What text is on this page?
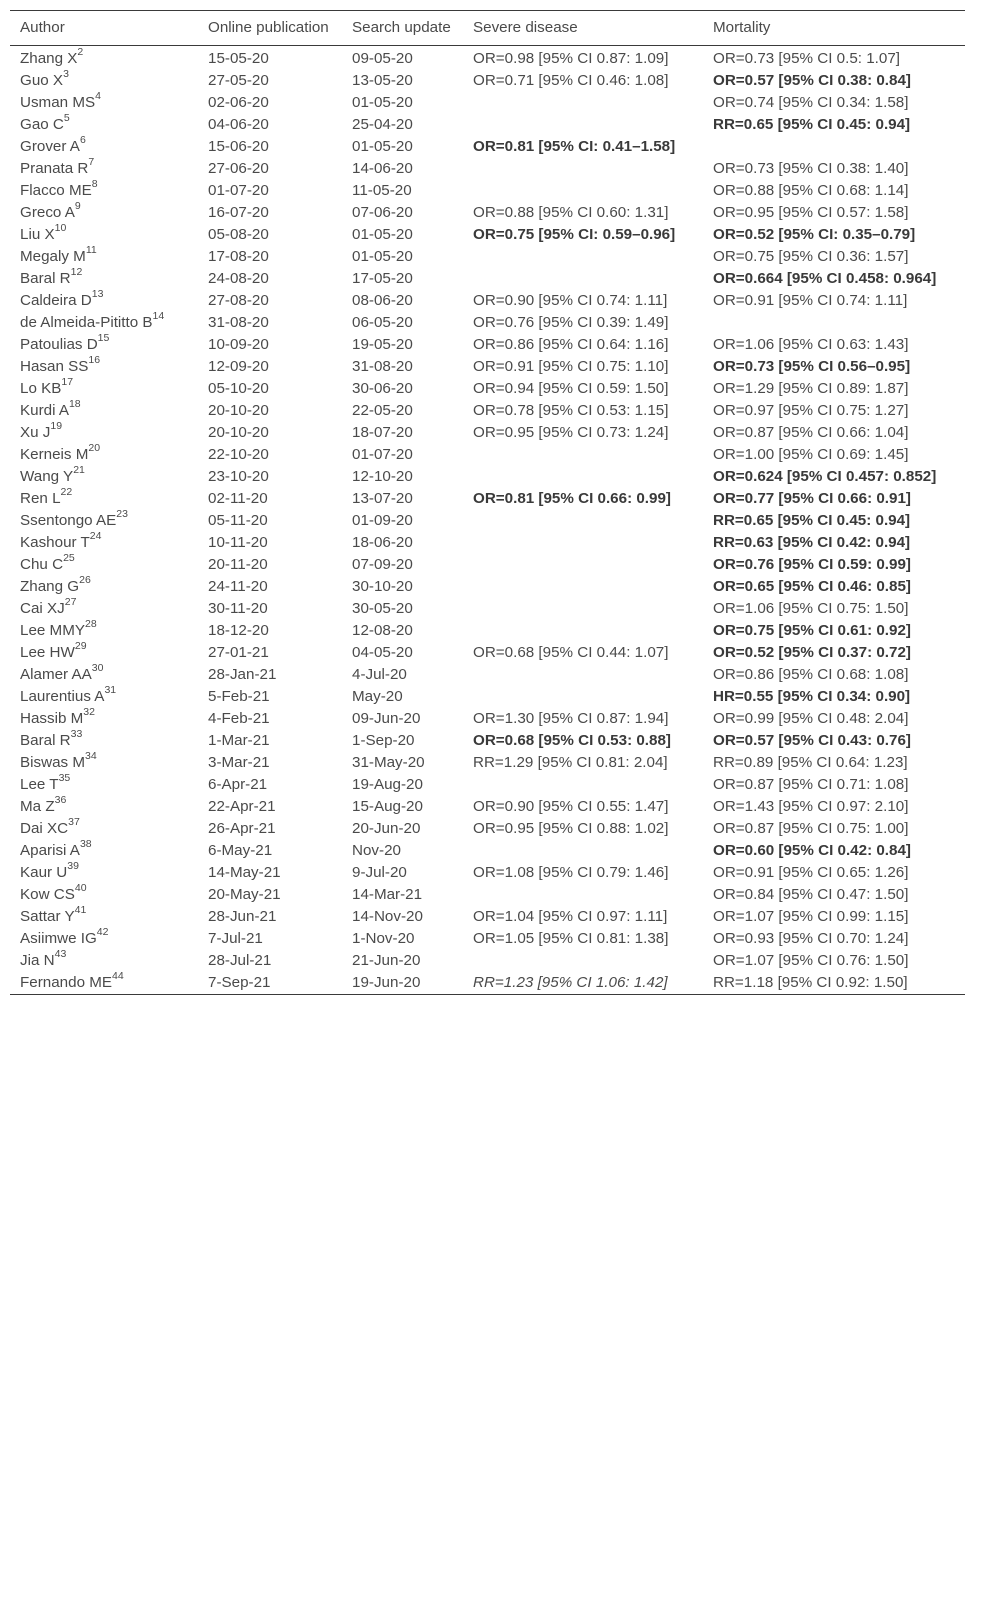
Author	Online publication	Search update	Severe disease	Mortality
Zhang $X^2$	15-05-20	09-05-20	OR=0.98 [95% CI 0.87: 1.09]	OR=0.73 [95% CI 0.5: 1.07]
Guo $X^3$	27-05-20	13-05-20	OR=0.71 [95% CI 0.46: 1.08]	OR=0.57 [95% CI 0.38: 0.84]
Usman $MS^4$	02-06-20	01-05-20		OR=0.74 [95% CI 0.34: 1.58]
Gao $C^5$	04-06-20	25-04-20		RR=0.65 [95% CI 0.45: 0.94]
Grover $A^6$	15-06-20	01-05-20	OR=0.81 [95% CI: 0.41–1.58]	
Pranata $R^7$	27-06-20	14-06-20		OR=0.73 [95% CI 0.38: 1.40]
Flacco $ME^8$	01-07-20	11-05-20		OR=0.88 [95% CI 0.68: 1.14]
Greco $A^9$	16-07-20	07-06-20	OR=0.88 [95% CI 0.60: 1.31]	OR=0.95 [95% CI 0.57: 1.58]
Liu $X^{10}$	05-08-20	01-05-20	OR=0.75 [95% CI: 0.59–0.96]	OR=0.52 [95% CI: 0.35–0.79]
Megaly $M^{11}$	17-08-20	01-05-20		OR=0.75 [95% CI 0.36: 1.57]
Baral $R^{12}$	24-08-20	17-05-20		OR=0.664 [95% CI 0.458: 0.964]
Caldeira $D^{13}$	27-08-20	08-06-20	OR=0.90 [95% CI 0.74: 1.11]	OR=0.91 [95% CI 0.74: 1.11]
de Almeida-Pititto $B^{14}$	31-08-20	06-05-20	OR=0.76 [95% CI 0.39: 1.49]	
Patoulias $D^{15}$	10-09-20	19-05-20	OR=0.86 [95% CI 0.64: 1.16]	OR=1.06 [95% CI 0.63: 1.43]
Hasan SS$^{16}$	12-09-20	31-08-20	OR=0.91 [95% CI 0.75: 1.10]	OR=0.73 [95% CI 0.56–0.95]
Lo KB$^{17}$	05-10-20	30-06-20	OR=0.94 [95% CI 0.59: 1.50]	OR=1.29 [95% CI 0.89: 1.87]
Kurdi $A^{18}$	20-10-20	22-05-20	OR=0.78 [95% CI 0.53: 1.15]	OR=0.97 [95% CI 0.75: 1.27]
Xu $J^{19}$	20-10-20	18-07-20	OR=0.95 [95% CI 0.73: 1.24]	OR=0.87 [95% CI 0.66: 1.04]
Kerneis $M^{20}$	22-10-20	01-07-20		OR=1.00 [95% CI 0.69: 1.45]
Wang $Y^{21}$	23-10-20	12-10-20		OR=0.624 [95% CI 0.457: 0.852]
Ren $L^{22}$	02-11-20	13-07-20	OR=0.81 [95% CI 0.66: 0.99]	OR=0.77 [95% CI 0.66: 0.91]
Ssentongo AE$^{23}$	05-11-20	01-09-20		RR=0.65 [95% CI 0.45: 0.94]
Kashour $T^{24}$	10-11-20	18-06-20		RR=0.63 [95% CI 0.42: 0.94]
Chu $C^{25}$	20-11-20	07-09-20		OR=0.76 [95% CI 0.59: 0.99]
Zhang $G^{26}$	24-11-20	30-10-20		OR=0.65 [95% CI 0.46: 0.85]
Cai XJ$^{27}$	30-11-20	30-05-20		OR=1.06 [95% CI 0.75: 1.50]
Lee MMY$^{28}$	18-12-20	12-08-20		OR=0.75 [95% CI 0.61: 0.92]
Lee HW$^{29}$	27-01-21	04-05-20	OR=0.68 [95% CI 0.44: 1.07]	OR=0.52 [95% CI 0.37: 0.72]
Alamer AA$^{30}$	28-Jan-21	4-Jul-20		OR=0.86 [95% CI 0.68: 1.08]
Laurentius $A^{31}$	5-Feb-21	May-20		HR=0.55 [95% CI 0.34: 0.90]
Hassib $M^{32}$	4-Feb-21	09-Jun-20	OR=1.30 [95% CI 0.87: 1.94]	OR=0.99 [95% CI 0.48: 2.04]
Baral $R^{33}$	1-Mar-21	1-Sep-20	OR=0.68 [95% CI 0.53: 0.88]	OR=0.57 [95% CI 0.43: 0.76]
Biswas $M^{34}$	3-Mar-21	31-May-20	RR=1.29 [95% CI 0.81: 2.04]	RR=0.89 [95% CI 0.64: 1.23]
Lee $T^{35}$	6-Apr-21	19-Aug-20		OR=0.87 [95% CI 0.71: 1.08]
Ma $Z^{36}$	22-Apr-21	15-Aug-20	OR=0.90 [95% CI 0.55: 1.47]	OR=1.43 [95% CI 0.97: 2.10]
Dai XC$^{37}$	26-Apr-21	20-Jun-20	OR=0.95 [95% CI 0.88: 1.02]	OR=0.87 [95% CI 0.75: 1.00]
Aparisi $A^{38}$	6-May-21	Nov-20		OR=0.60 [95% CI 0.42: 0.84]
Kaur $U^{39}$	14-May-21	9-Jul-20	OR=1.08 [95% CI 0.79: 1.46]	OR=0.91 [95% CI 0.65: 1.26]
Kow CS$^{40}$	20-May-21	14-Mar-21		OR=0.84 [95% CI 0.47: 1.50]
Sattar $Y^{41}$	28-Jun-21	14-Nov-20	OR=1.04 [95% CI 0.97: 1.11]	OR=1.07 [95% CI 0.99: 1.15]
Asiimwe IG$^{42}$	7-Jul-21	1-Nov-20	OR=1.05 [95% CI 0.81: 1.38]	OR=0.93 [95% CI 0.70: 1.24]
Jia $N^{43}$	28-Jul-21	21-Jun-20		OR=1.07 [95% CI 0.76: 1.50]
Fernando ME$^{44}$	7-Sep-21	19-Jun-20	RR=1.23 [95% CI 1.06: 1.42]	RR=1.18 [95% CI 0.92: 1.50]
